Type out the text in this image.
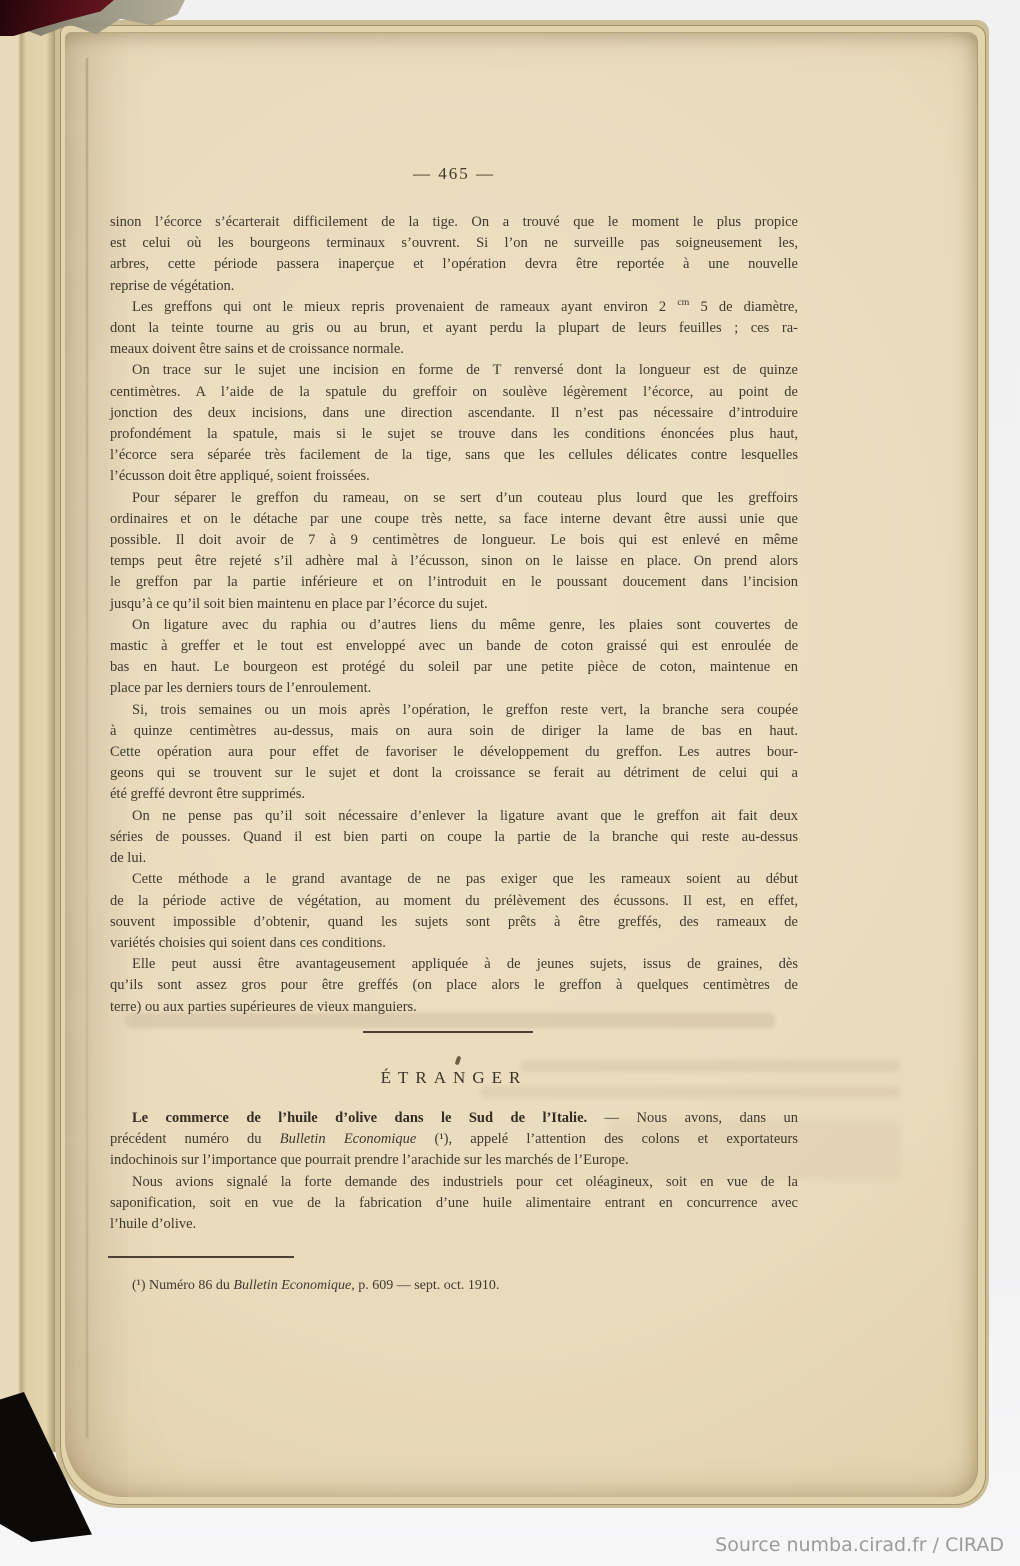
— 465 —
sinon l’écorce s’écarterait difficilement de la tige. On a trouvé que le moment le plus propice
est celui où les bourgeons terminaux s’ouvrent. Si l’on ne surveille pas soigneusement les,
arbres, cette période passera inaperçue et l’opération devra être reportée à une nouvelle
reprise de végétation.
Les greffons qui ont le mieux repris provenaient de rameaux ayant environ 2 $^{cm}$ 5 de diamètre,
dont la teinte tourne au gris ou au brun, et ayant perdu la plupart de leurs feuilles ; ces ra-
meaux doivent être sains et de croissance normale.
On trace sur le sujet une incision en forme de T renversé dont la longueur est de quinze
centimètres. A l’aide de la spatule du greffoir on soulève légèrement l’écorce, au point de
jonction des deux incisions, dans une direction ascendante. Il n’est pas nécessaire d’introduire
profondément la spatule, mais si le sujet se trouve dans les conditions énoncées plus haut,
l’écorce sera séparée très facilement de la tige, sans que les cellules délicates contre lesquelles
l’écusson doit être appliqué, soient froissées.
Pour séparer le greffon du rameau, on se sert d’un couteau plus lourd que les greffoirs
ordinaires et on le détache par une coupe très nette, sa face interne devant être aussi unie que
possible. Il doit avoir de 7 à 9 centimètres de longueur. Le bois qui est enlevé en même
temps peut être rejeté s’il adhère mal à l’écusson, sinon on le laisse en place. On prend alors
le greffon par la partie inférieure et on l’introduit en le poussant doucement dans l’incision
jusqu’à ce qu’il soit bien maintenu en place par l’écorce du sujet.
On ligature avec du raphia ou d’autres liens du même genre, les plaies sont couvertes de
mastic à greffer et le tout est enveloppé avec un bande de coton graissé qui est enroulée de
bas en haut. Le bourgeon est protégé du soleil par une petite pièce de coton, maintenue en
place par les derniers tours de l’enroulement.
Si, trois semaines ou un mois après l’opération, le greffon reste vert, la branche sera coupée
à quinze centimètres au-dessus, mais on aura soin de diriger la lame de bas en haut.
Cette opération aura pour effet de favoriser le développement du greffon. Les autres bour-
geons qui se trouvent sur le sujet et dont la croissance se ferait au détriment de celui qui a
été greffé devront être supprimés.
On ne pense pas qu’il soit nécessaire d’enlever la ligature avant que le greffon ait fait deux
séries de pousses. Quand il est bien parti on coupe la partie de la branche qui reste au-dessus
de lui.
Cette méthode a le grand avantage de ne pas exiger que les rameaux soient au début
de la période active de végétation, au moment du prélèvement des écussons. Il est, en effet,
souvent impossible d’obtenir, quand les sujets sont prêts à être greffés, des rameaux de
variétés choisies qui soient dans ces conditions.
Elle peut aussi être avantageusement appliquée à de jeunes sujets, issus de graines, dès
qu’ils sont assez gros pour être greffés (on place alors le greffon à quelques centimètres de
terre) ou aux parties supérieures de vieux manguiers.
ÉTRANGER
Le commerce de l’huile d’olive dans le Sud de l’Italie. — Nous avons, dans un
précédent numéro du Bulletin Economique (¹), appelé l’attention des colons et exportateurs
indochinois sur l’importance que pourrait prendre l’arachide sur les marchés de l’Europe.
Nous avions signalé la forte demande des industriels pour cet oléagineux, soit en vue de la
saponification, soit en vue de la fabrication d’une huile alimentaire entrant en concurrence avec
l’huile d’olive.
(¹) Numéro 86 du Bulletin Economique, p. 609 — sept. oct. 1910.
Source numba.cirad.fr / CIRAD
